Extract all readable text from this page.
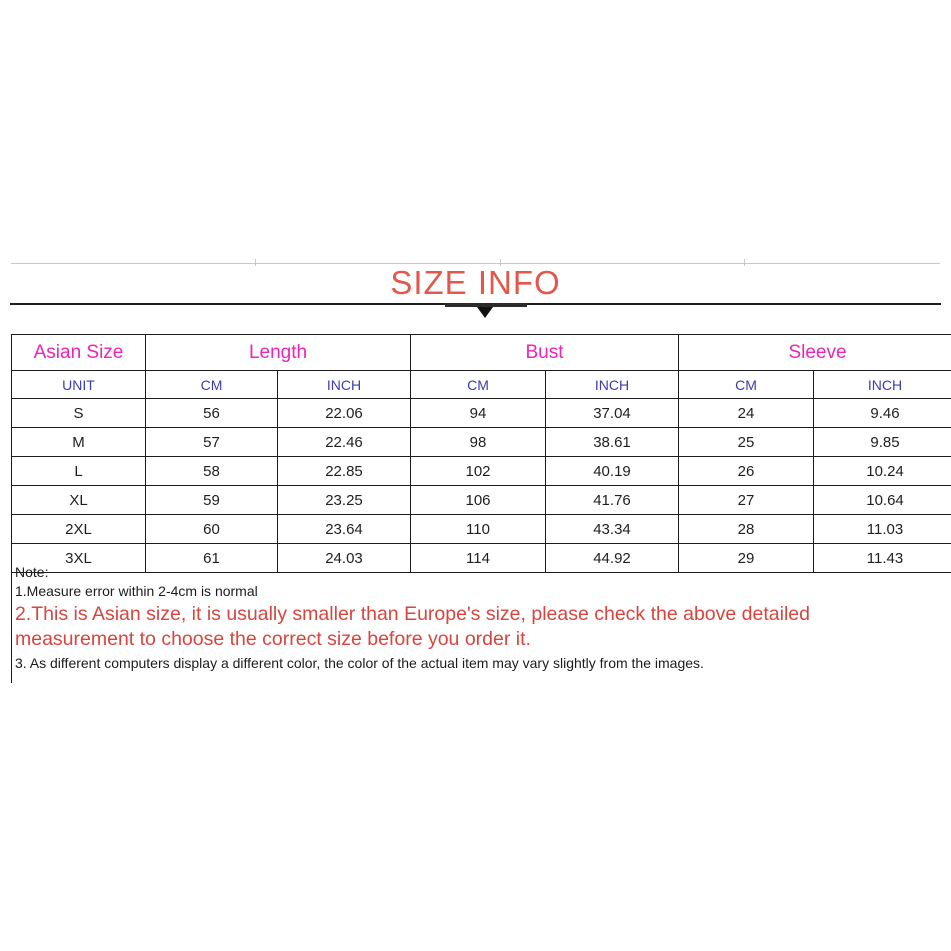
SIZE INFO
Asian Size	Length		Bust		Sleeve	
UNIT	CM	INCH	CM	INCH	CM	INCH
S	56	22.06	94	37.04	24	9.46
M	57	22.46	98	38.61	25	9.85
L	58	22.85	102	40.19	26	10.24
XL	59	23.25	106	41.76	27	10.64
2XL	60	23.64	110	43.34	28	11.03
3XL	61	24.03	114	44.92	29	11.43
Note:
1.Measure error within 2-4cm is normal
2.This is Asian size, it is usually smaller than Europe's size, please check the above detailed measurement to choose the correct size before you order it.
3. As different computers display a different color, the color of the actual item may vary slightly from the images.
